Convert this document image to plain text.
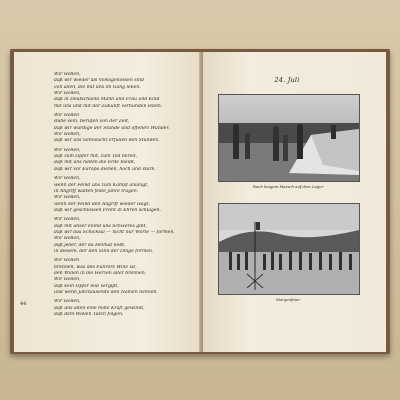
Wir wollen,
daß wir wieder als Volksgenossen sind
von allen, die mit uns im Gang leben.
Wir wollen,
daß in Deutschland Mann und Frau und Kind
mit uns und mit der Zukunft verbunden leben.
Wir wollen
Ruhe sein, berufen von der Zeit,
daß wir würdige der Stunde und offenen Wunder.
Wir wollen,
daß wir uns Sehnsucht erfüllen den Stunden.
Wir wollen,
daß zum Opfer mit, zum Tod bereit,
daß mit uns halten die Erde bleibt,
daß wir vor Europa dienen, hoch und stark.
Wir wollen,
wenn der Feind uns zum Kampf anlangt,
in Angriff walten feste Jahre tragen.
Wir wollen,
wenn der Feind den Angriff wieder wagt,
daß wir geschlossen Front in Ehren schlagen.
Wir wollen,
daß mit unser Feind uns Schweres gibt,
daß wir das Schicksal — nicht nur Worte — formen.
Wir wollen,
daß jeder, der da Heimat liebt,
in diesem, der den Sinn der Dinge formen.
Wir wollen
brennen, was des Führers Wille ist,
den Willen in die Herzen aller brennen.
Wir wollen,
daß kein Opfer leid vergißt,
und wenn Jahrtausende den Namen nennen.
Wir wollen,
daß uns allen eine hohe Kraft gewinnt,
daß dem Wollen Taten folgen.
44
24. Juli
Nach langem Marsch auf dem Lager
Morgenfeier
